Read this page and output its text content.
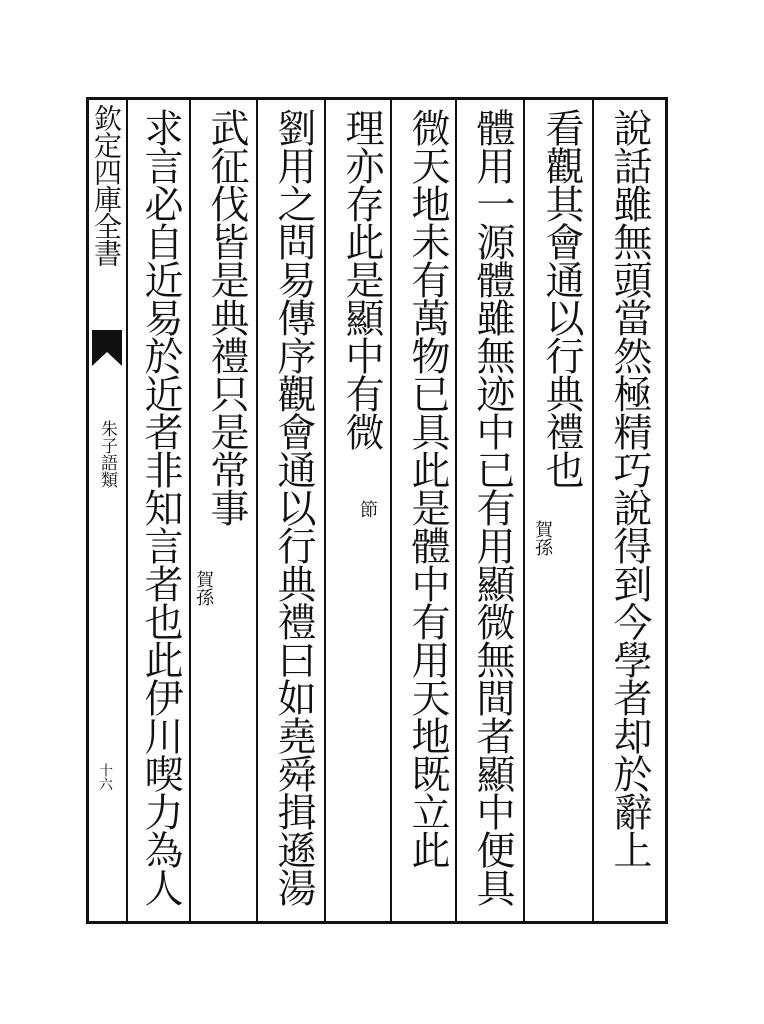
欽定四庫全書
朱子語類
十六	說話雖無頭當然極精巧說得到今學者却於辭上
看觀其會通以行典禮也
賀孫
體用一源體雖無迹中已有用顯微無間者顯中便具
微天地未有萬物已具此是體中有用天地既立此
理亦存此是顯中有微
節
劉用之問易傳序觀會通以行典禮曰如堯舜揖遜湯
武征伐皆是典禮只是常事
賀孫
求言必自近易於近者非知言者也此伊川喫力為人
